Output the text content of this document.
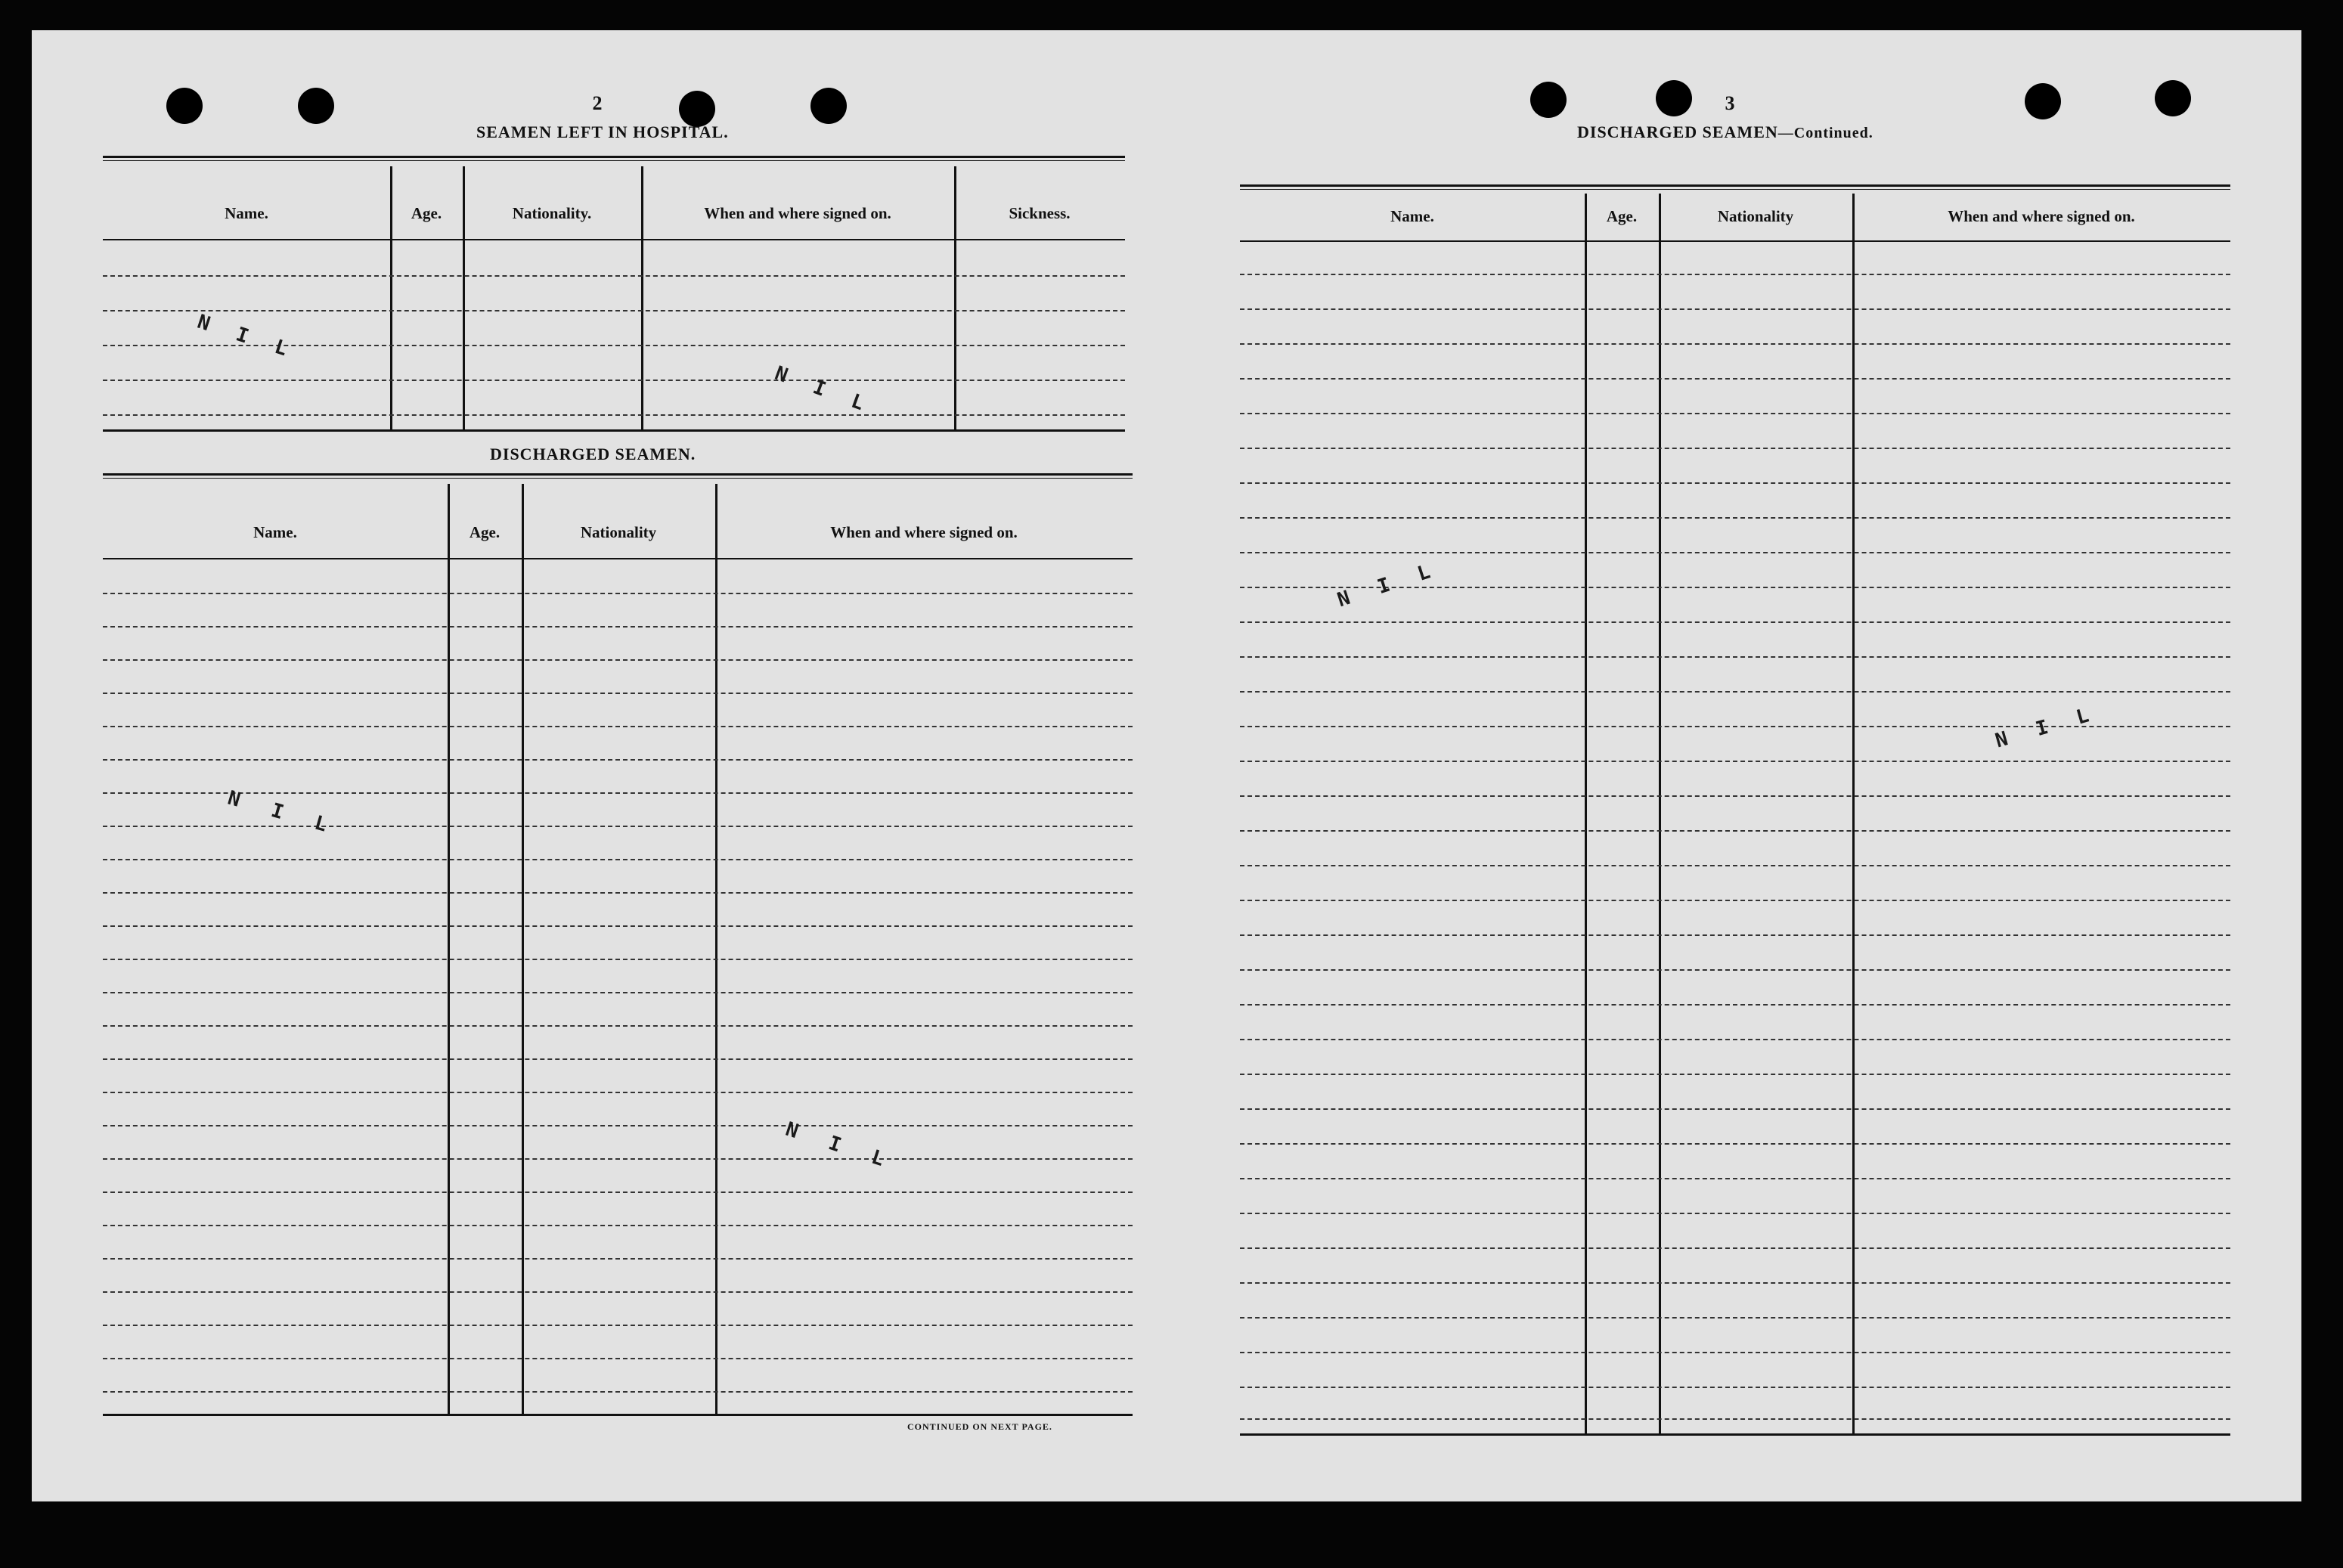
2
SEAMEN LEFT IN HOSPITAL.
Name.	Age.	Nationality.	When and where signed on.	Sickness.
NIL
NIL
DISCHARGED SEAMEN.
Name.	Age.	Nationality	When and where signed on.
NIL
NIL
CONTINUED ON NEXT PAGE.
3
DISCHARGED SEAMEN—Continued.
Name.	Age.	Nationality	When and where signed on.
NIL
NIL
